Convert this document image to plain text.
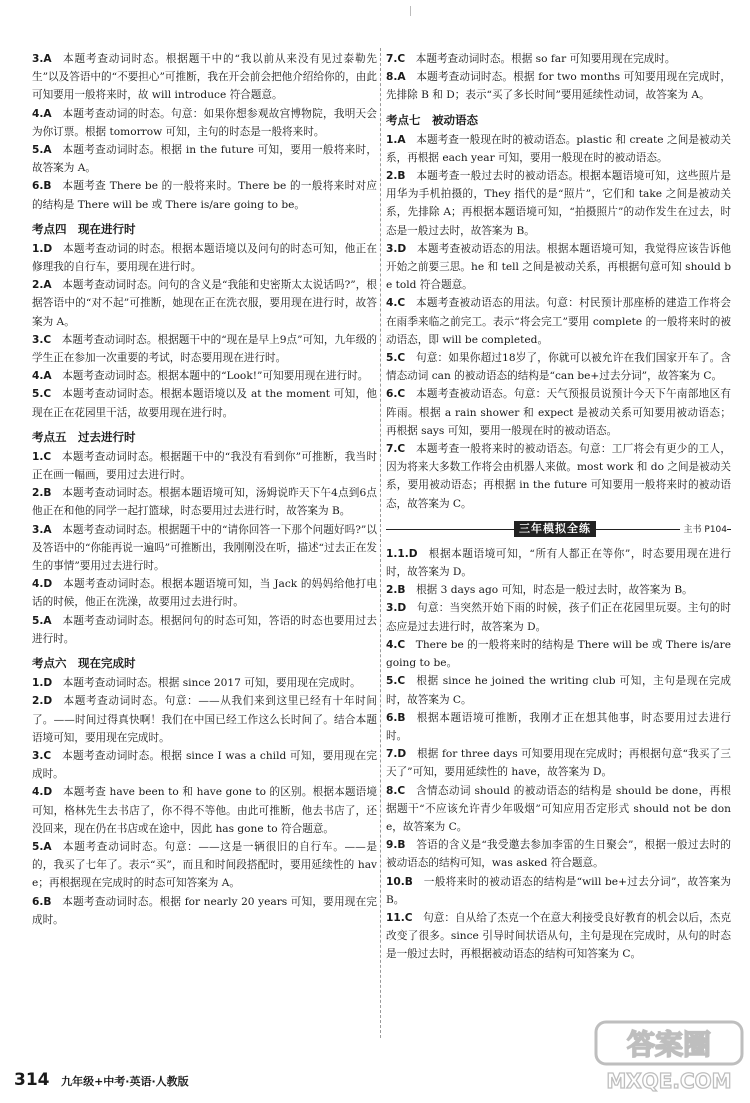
3.A  本题考查动词时态。根据题干中的“我以前从来没有见过泰勒先生”以及答语中的“不要担心”可推断，我在开会前会把他介绍给你的，由此可知要用一般将来时，故 will introduce 符合题意。

4.A  本题考查动词的时态。句意：如果你想参观故宫博物院，我明天会为你订票。根据 tomorrow 可知，主句的时态是一般将来时。

5.A  本题考查动词时态。根据 in the future 可知，要用一般将来时，故答案为 A。

6.B  本题考查 There be 的一般将来时。There be 的一般将来时对应的结构是 There will be 或 There is/are going to be。

考点四　现在进行时

1.D  本题考查动词的时态。根据本题语境以及问句的时态可知，他正在修理我的自行车，要用现在进行时。

2.A  本题考查动词时态。问句的含义是“我能和史密斯太太说话吗?”，根据答语中的“对不起”可推断，她现在正在洗衣服，要用现在进行时，故答案为 A。

3.C  本题考查动词时态。根据题干中的“现在是早上9点”可知，九年级的学生正在参加一次重要的考试，时态要用现在进行时。

4.A  本题考查动词时态。根据本题中的“Look!”可知要用现在进行时。

5.C  本题考查动词时态。根据本题语境以及 at the moment 可知，他现在正在花园里干活，故要用现在进行时。

考点五　过去进行时

1.C  本题考查动词时态。根据题干中的“我没有看到你”可推断，我当时正在画一幅画，要用过去进行时。

2.B  本题考查动词时态。根据本题语境可知，汤姆说昨天下午4点到6点他正在和他的同学一起打篮球，时态要用过去进行时，故答案为 B。

3.A  本题考查动词时态。根据题干中的“请你回答一下那个问题好吗?”以及答语中的“你能再说一遍吗”可推断出，我刚刚没在听，描述“过去正在发生的事情”要用过去进行时。

4.D  本题考查动词时态。根据本题语境可知，当 Jack 的妈妈给他打电话的时候，他正在洗澡，故要用过去进行时。

5.A  本题考查动词时态。根据问句的时态可知，答语的时态也要用过去进行时。

考点六　现在完成时

1.D  本题考查动词时态。根据 since 2017 可知，要用现在完成时。

2.D  本题考查动词时态。句意：——从我们来到这里已经有十年时间了。——时间过得真快啊！我们在中国已经工作这么长时间了。结合本题语境可知，要用现在完成时。

3.C  本题考查动词时态。根据 since I was a child 可知，要用现在完成时。

4.D  本题考查 have been to 和 have gone to 的区别。根据本题语境可知，格林先生去书店了，你不得不等他。由此可推断，他去书店了，还没回来，现在仍在书店或在途中，因此 has gone to 符合题意。

5.A  本题考查动词时态。句意：——这是一辆很旧的自行车。——是的，我买了七年了。表示“买”，而且和时间段搭配时，要用延续性的 have；再根据现在完成时的时态可知答案为 A。

6.B  本题考查动词时态。根据 for nearly 20 years 可知，要用现在完成时。

7.C  本题考查动词时态。根据 so far 可知要用现在完成时。

8.A  本题考查动词时态。根据 for two months 可知要用现在完成时，先排除 B 和 D；表示“买了多长时间”要用延续性动词，故答案为 A。

考点七　被动语态

1.A  本题考查一般现在时的被动语态。plastic 和 create 之间是被动关系，再根据 each year 可知，要用一般现在时的被动语态。

2.B  本题考查一般过去时的被动语态。根据本题语境可知，这些照片是用华为手机拍摄的，They 指代的是“照片”，它们和 take 之间是被动关系，先排除 A；再根据本题语境可知，“拍摄照片”的动作发生在过去，时态是一般过去时，故答案为 B。

3.D  本题考查被动语态的用法。根据本题语境可知，我觉得应该告诉他开始之前要三思。he 和 tell 之间是被动关系，再根据句意可知 should be told 符合题意。

4.C  本题考查被动语态的用法。句意：村民预计那座桥的建造工作将会在雨季来临之前完工。表示“将会完工”要用 complete 的一般将来时的被动语态，即 will be completed。

5.C  句意：如果你超过18岁了，你就可以被允许在我们国家开车了。含情态动词 can 的被动语态的结构是“can be+过去分词”，故答案为 C。

6.C  本题考查被动语态。句意：天气预报员说预计今天下午南部地区有阵雨。根据 a rain shower 和 expect 是被动关系可知要用被动语态；再根据 says 可知，要用一般现在时的被动语态。

7.C  本题考查一般将来时的被动语态。句意：工厂将会有更少的工人，因为将来大多数工作将会由机器人来做。most work 和 do 之间是被动关系，要用被动语态；再根据 in the future 可知要用一般将来时的被动语态，故答案为 C。

三年模拟全练	主书 P104

1.1.D  根据本题语境可知，“所有人都正在等你”，时态要用现在进行时，故答案为 D。

2.B  根据 3 days ago 可知，时态是一般过去时，故答案为 B。

3.D  句意：当突然开始下雨的时候，孩子们正在花园里玩耍。主句的时态应是过去进行时，故答案为 D。

4.C  There be 的一般将来时的结构是 There will be 或 There is/are going to be。

5.C  根据 since he joined the writing club 可知，主句是现在完成时，故答案为 C。

6.B  根据本题语境可推断，我刚才正在想其他事，时态要用过去进行时。

7.D  根据 for three days 可知要用现在完成时；再根据句意“我买了三天了”可知，要用延续性的 have，故答案为 D。

8.C  含情态动词 should 的被动语态的结构是 should be done，再根据题干“不应该允许青少年吸烟”可知应用否定形式 should not be done，故答案为 C。

9.B  答语的含义是“我受邀去参加李雷的生日聚会”，根据一般过去时的被动语态的结构可知，was asked 符合题意。

10.B  一般将来时的被动语态的结构是“will be+过去分词”，故答案为 B。

11.C  句意：自从给了杰克一个在意大利接受良好教育的机会以后，杰克改变了很多。since 引导时间状语从句，主句是现在完成时，从句的时态是一般过去时，再根据被动语态的结构可知答案为 C。

314 九年级+中考·英语·人教版
答案圈
MXQE.COM
